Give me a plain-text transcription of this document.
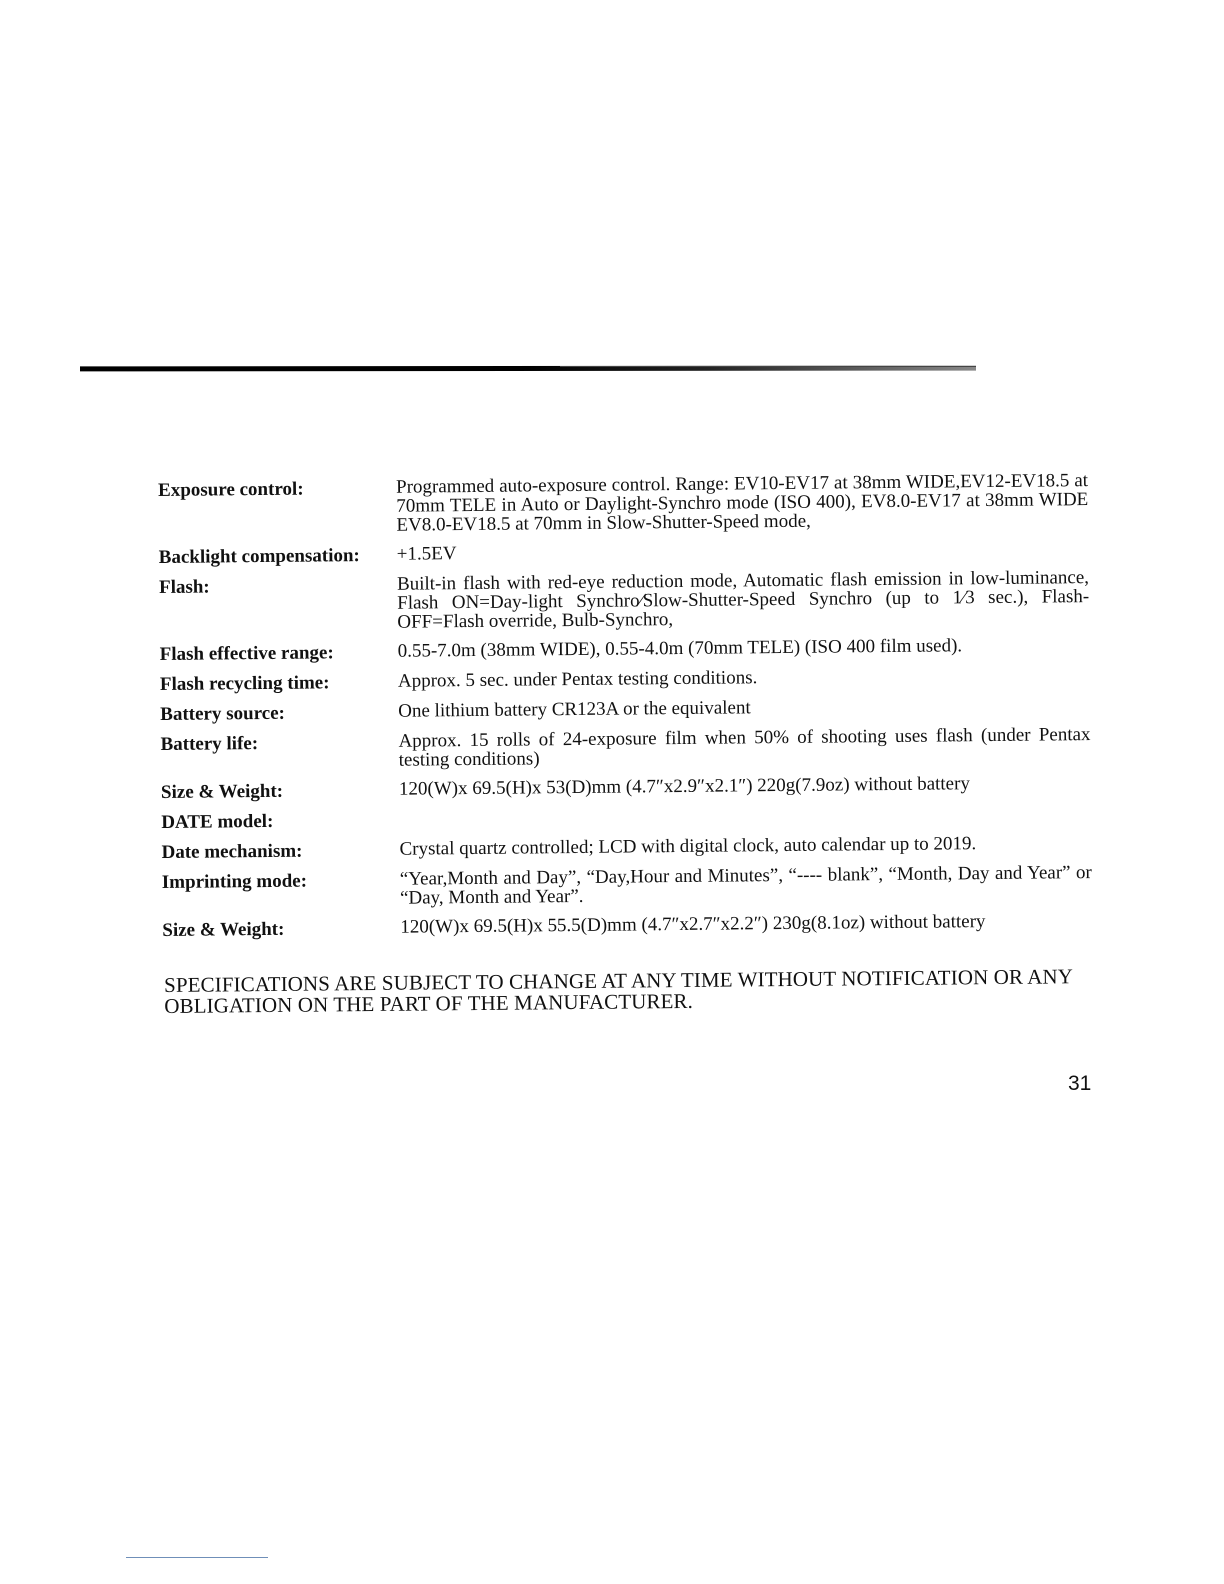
Exposure control:	Programmed auto-exposure control. Range: EV10-EV17 at 38mm WIDE,EV12-EV18.5 at 70mm TELE in Auto or Daylight-Synchro mode (ISO 400), EV8.0-EV17 at 38mm WIDE EV8.0-EV18.5 at 70mm in Slow-Shutter-Speed mode,
Backlight compensation:	+1.5EV
Flash:	Built-in flash with red-eye reduction mode, Automatic flash emission in low-luminance, Flash ON=Day-light Synchro⁄Slow-Shutter-Speed Synchro (up to 1⁄3 sec.), Flash-OFF=Flash override, Bulb-Synchro,
Flash effective range:	0.55-7.0m (38mm WIDE), 0.55-4.0m (70mm TELE) (ISO 400 film used).
Flash recycling time:	Approx. 5 sec. under Pentax testing conditions.
Battery source:	One lithium battery CR123A or the equivalent
Battery life:	Approx. 15 rolls of 24-exposure film when 50% of shooting uses flash (under Pentax testing conditions)
Size & Weight:	120(W)x 69.5(H)x 53(D)mm (4.7″x2.9″x2.1″) 220g(7.9oz) without battery
DATE model:
Date mechanism:	Crystal quartz controlled; LCD with digital clock, auto calendar up to 2019.
Imprinting mode:	“Year,Month and Day”, “Day,Hour and Minutes”, “---- blank”, “Month, Day and Year” or “Day, Month and Year”.
Size & Weight:	120(W)x 69.5(H)x 55.5(D)mm (4.7″x2.7″x2.2″) 230g(8.1oz) without battery
SPECIFICATIONS ARE SUBJECT TO CHANGE AT ANY TIME WITHOUT NOTIFICATION OR ANY OBLIGATION ON THE PART OF THE MANUFACTURER.
31
